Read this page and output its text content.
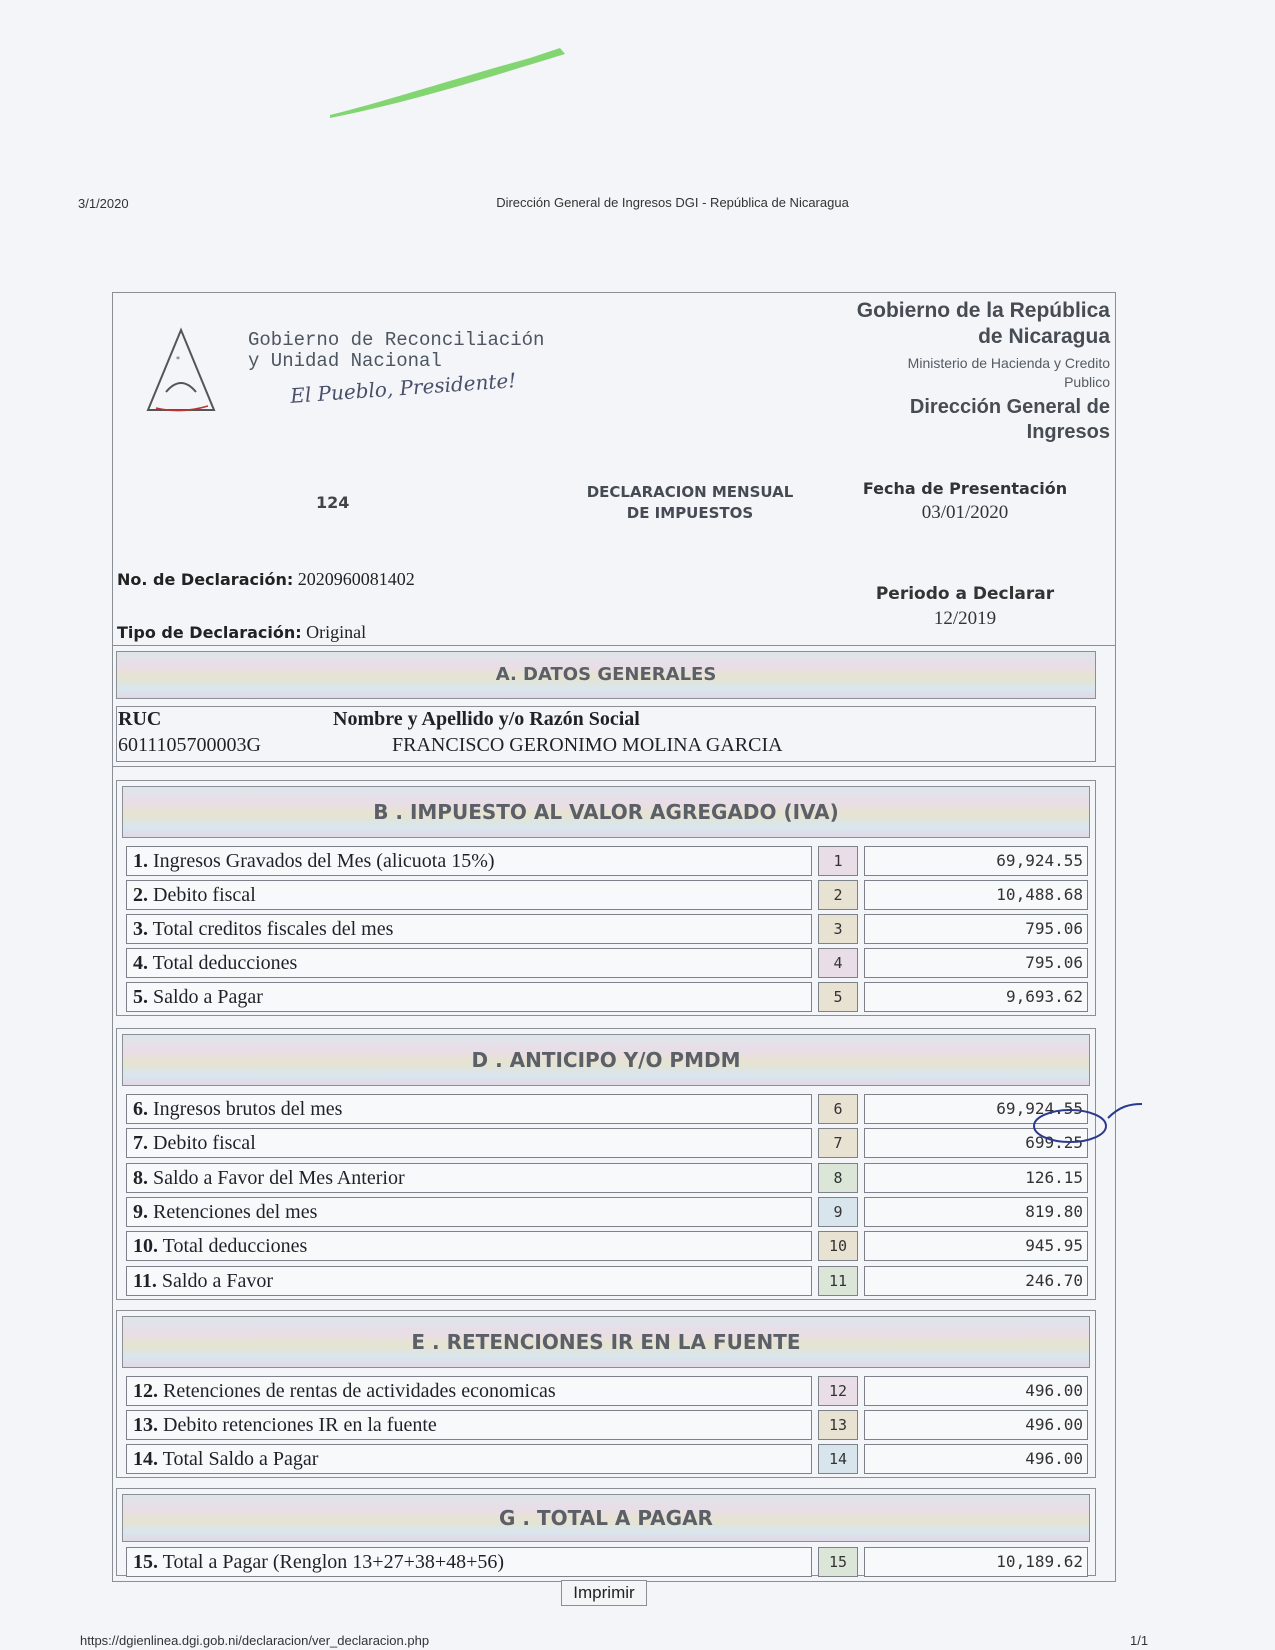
3/1/2020	Dirección General de Ingresos DGI - República de Nicaragua
*
Gobierno de Reconciliación
y Unidad Nacional
El Pueblo, Presidente!
Gobierno de la República
de Nicaragua
Ministerio de Hacienda y Credito
Publico
Dirección General de
Ingresos
124
DECLARACION MENSUAL
DE IMPUESTOS
Fecha de Presentación
03/01/2020
Periodo a Declarar
12/2019
No. de Declaración: 2020960081402
Tipo de Declaración: Original
A. DATOS GENERALES
RUC	Nombre y Apellido y/o Razón Social
6011105700003G	FRANCISCO GERONIMO MOLINA GARCIA
B . IMPUESTO AL VALOR AGREGADO (IVA)
1. Ingresos Gravados del Mes (alicuota 15%)	1	69,924.55
2. Debito fiscal	2	10,488.68
3. Total creditos fiscales del mes	3	795.06
4. Total deducciones	4	795.06
5. Saldo a Pagar	5	9,693.62
D . ANTICIPO Y/O PMDM
6. Ingresos brutos del mes	6	69,924.55
7. Debito fiscal	7	699.25
8. Saldo a Favor del Mes Anterior	8	126.15
9. Retenciones del mes	9	819.80
10. Total deducciones	10	945.95
11. Saldo a Favor	11	246.70
E . RETENCIONES IR EN LA FUENTE
12. Retenciones de rentas de actividades economicas	12	496.00
13. Debito retenciones IR en la fuente	13	496.00
14. Total Saldo a Pagar	14	496.00
G . TOTAL A PAGAR
15. Total a Pagar (Renglon 13+27+38+48+56)	15	10,189.62
Imprimir
https://dgienlinea.dgi.gob.ni/declaracion/ver_declaracion.php	1/1
